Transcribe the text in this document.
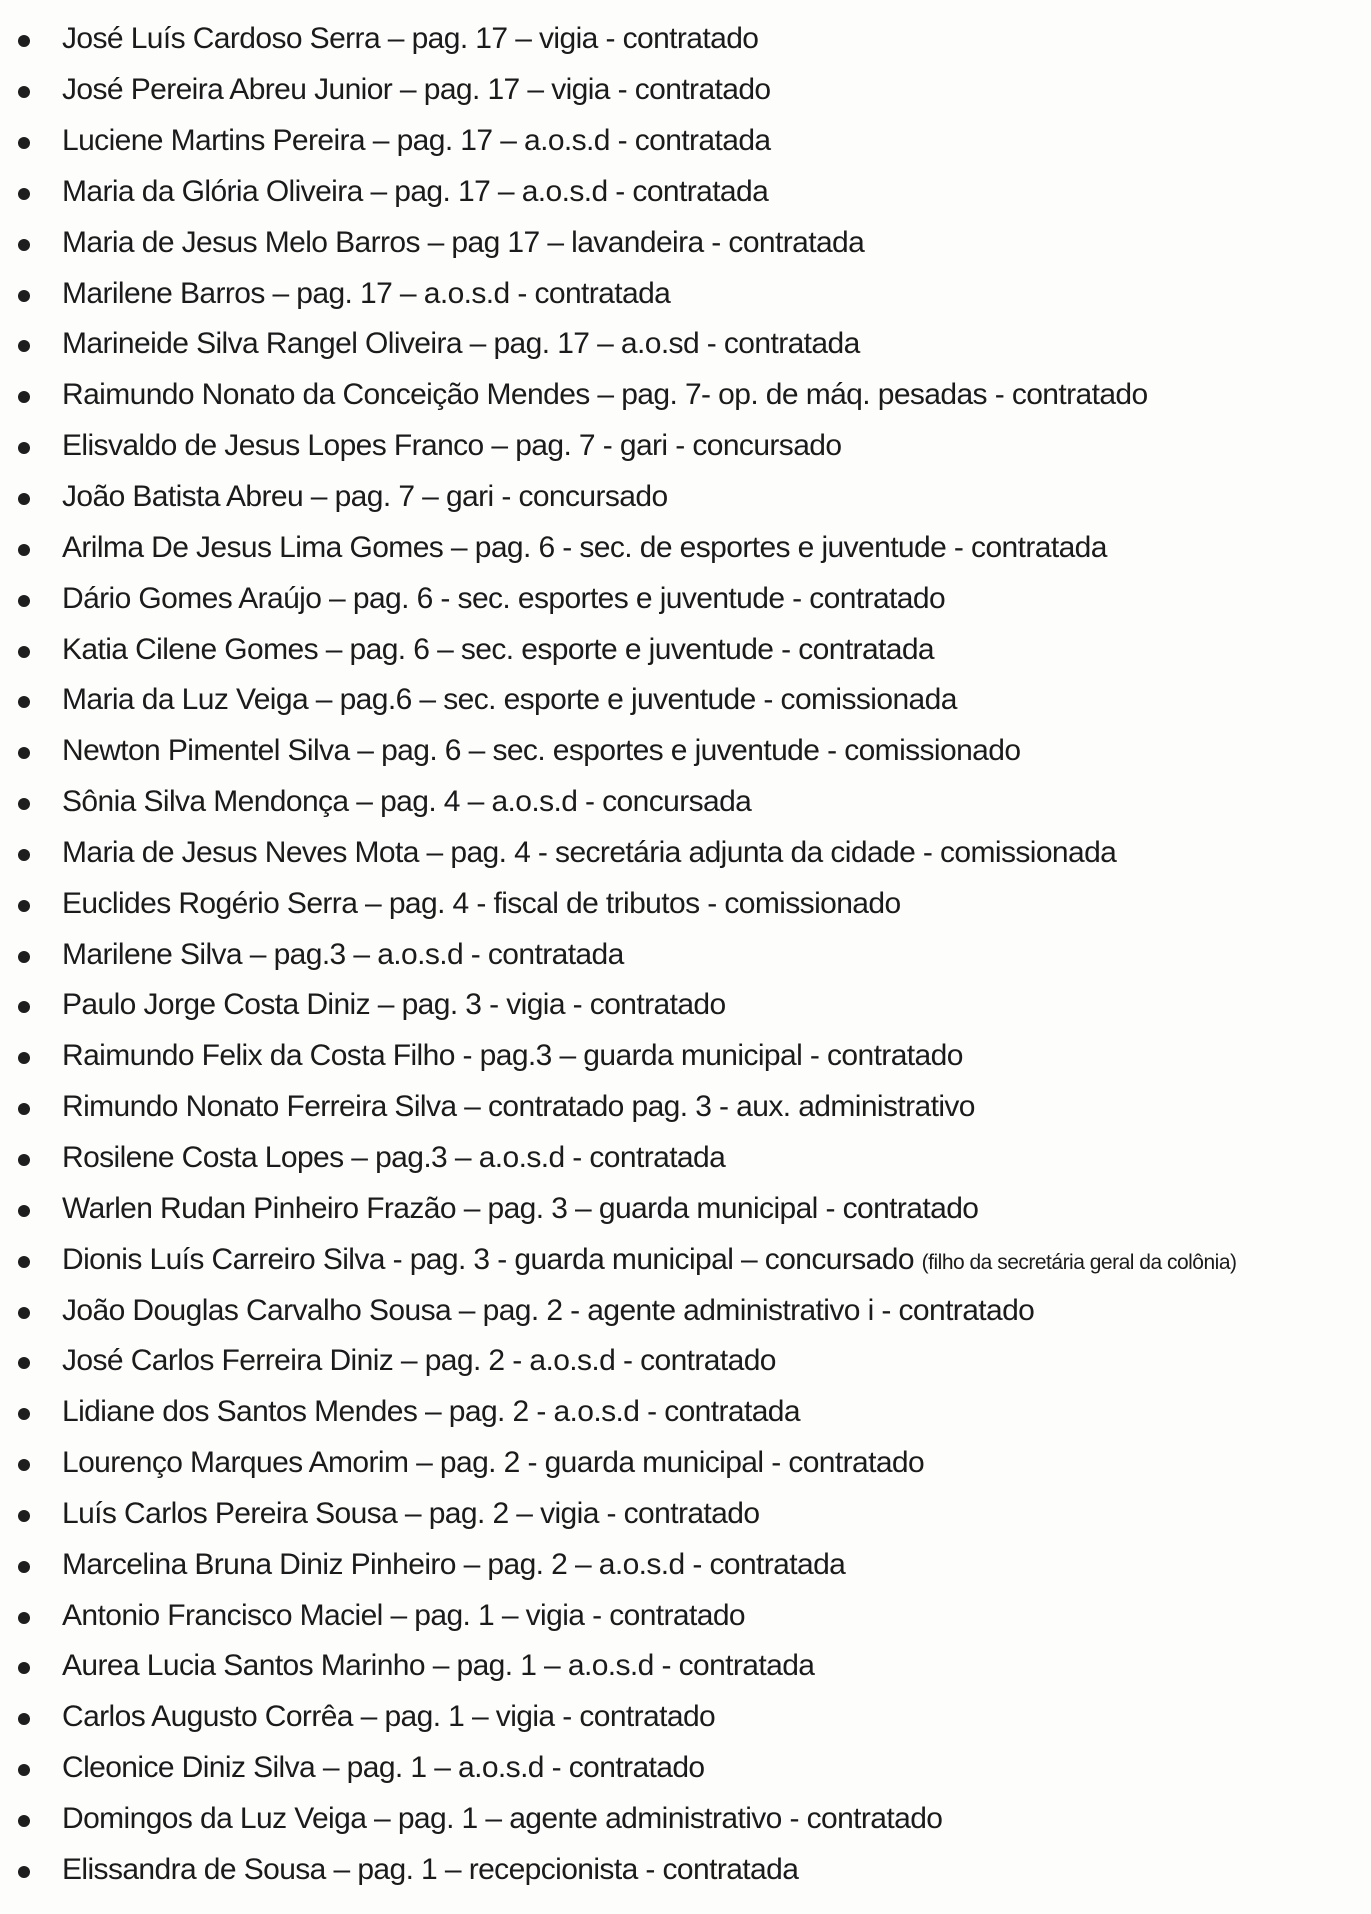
José Luís Cardoso Serra – pag. 17 – vigia - contratado
José Pereira Abreu Junior – pag. 17 – vigia - contratado
Luciene Martins Pereira – pag. 17 – a.o.s.d - contratada
Maria da Glória Oliveira – pag. 17 – a.o.s.d - contratada
Maria de Jesus Melo Barros – pag 17 – lavandeira - contratada
Marilene Barros – pag. 17 – a.o.s.d - contratada
Marineide Silva Rangel Oliveira – pag. 17 – a.o.sd - contratada
Raimundo Nonato da Conceição Mendes – pag. 7- op. de máq. pesadas - contratado
Elisvaldo de Jesus Lopes Franco – pag. 7 - gari - concursado
João Batista Abreu – pag. 7 – gari - concursado
Arilma De Jesus Lima Gomes – pag. 6 - sec. de esportes e juventude - contratada
Dário Gomes Araújo – pag. 6 - sec. esportes e juventude - contratado
Katia Cilene Gomes – pag. 6 – sec. esporte e juventude - contratada
Maria da Luz Veiga – pag.6 – sec. esporte e juventude - comissionada
Newton Pimentel Silva – pag. 6 – sec. esportes e juventude - comissionado
Sônia Silva Mendonça – pag. 4 – a.o.s.d - concursada
Maria de Jesus Neves Mota – pag. 4 - secretária adjunta da cidade - comissionada
Euclides Rogério Serra – pag. 4 - fiscal de tributos - comissionado
Marilene Silva – pag.3 – a.o.s.d - contratada
Paulo Jorge Costa Diniz – pag. 3 - vigia - contratado
Raimundo Felix da Costa Filho - pag.3 – guarda municipal - contratado
Rimundo Nonato Ferreira Silva – contratado pag. 3 - aux. administrativo
Rosilene Costa Lopes – pag.3 – a.o.s.d - contratada
Warlen Rudan Pinheiro Frazão – pag. 3 – guarda municipal - contratado
Dionis Luís Carreiro Silva - pag. 3 - guarda municipal – concursado (filho da secretária geral da colônia)
João Douglas Carvalho Sousa – pag. 2 - agente administrativo i - contratado
José Carlos Ferreira Diniz – pag. 2 - a.o.s.d - contratado
Lidiane dos Santos Mendes – pag. 2 - a.o.s.d - contratada
Lourenço Marques Amorim – pag. 2 - guarda municipal - contratado
Luís Carlos Pereira Sousa – pag. 2 – vigia - contratado
Marcelina Bruna Diniz Pinheiro – pag. 2 – a.o.s.d - contratada
Antonio Francisco Maciel – pag. 1 – vigia - contratado
Aurea Lucia Santos Marinho – pag. 1 – a.o.s.d - contratada
Carlos Augusto Corrêa – pag. 1 – vigia - contratado
Cleonice Diniz Silva – pag. 1 – a.o.s.d - contratado
Domingos da Luz Veiga – pag. 1 – agente administrativo - contratado
Elissandra de Sousa – pag. 1 – recepcionista - contratada
